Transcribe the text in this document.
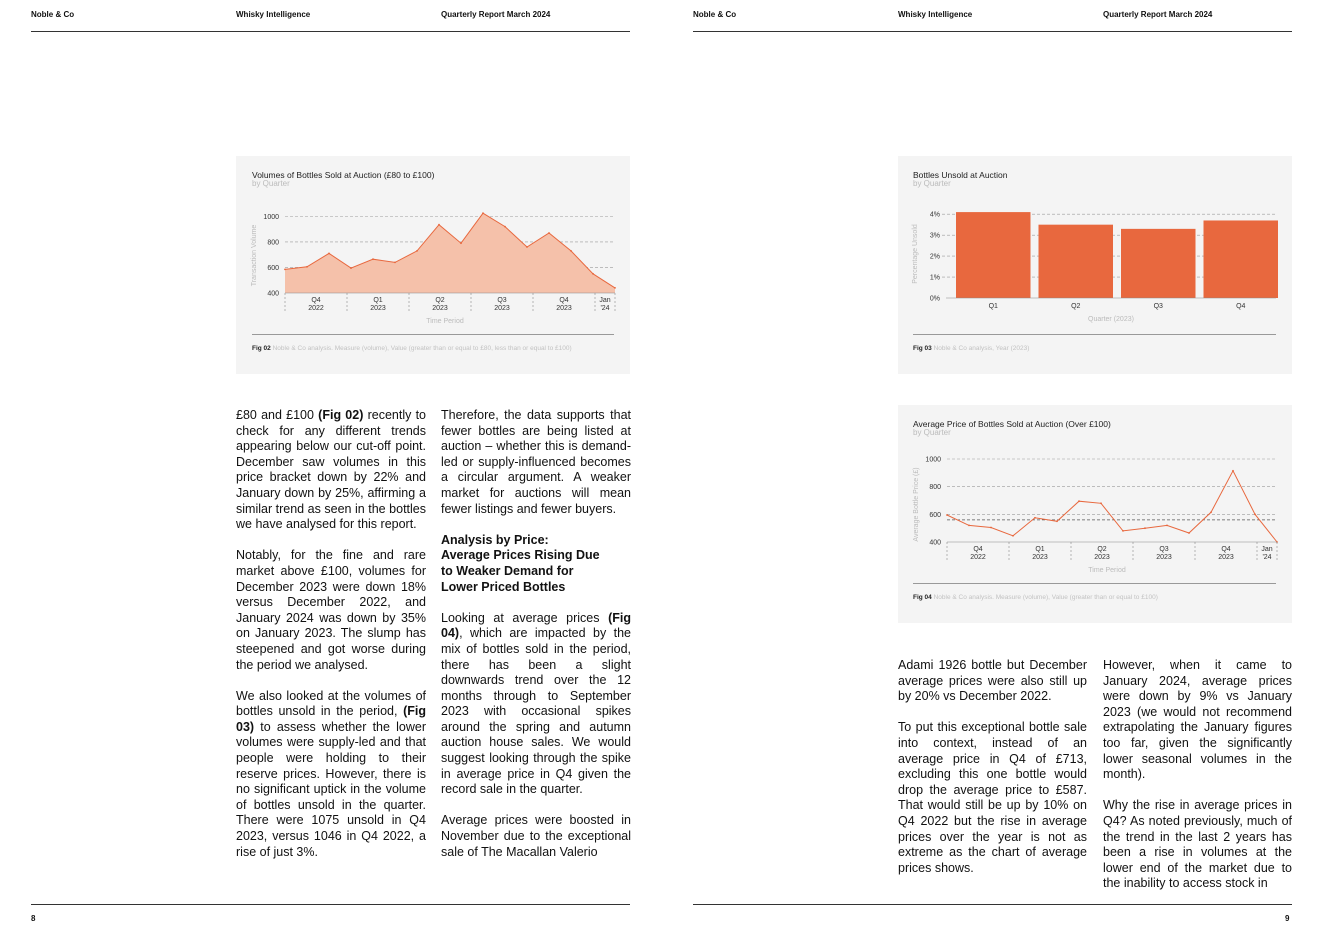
Noble & Co	Whisky Intelligence	Quarterly Report March 2024	Noble & Co	Whisky Intelligence	Quarterly Report March 2024
Volumes of Bottles Sold at Auction (£80 to £100)
by Quarter
400
600
800
1000
Q4
2022
Q1
2023
Q2
2023
Q3
2023
Q4
2023
Jan
'24
Time Period
Transaction Volume
Fig 02 Noble & Co analysis. Measure (volume), Value (greater than or equal to £80, less than or equal to £100)
Bottles Unsold at Auction
by Quarter
0%
1%
2%
3%
4%
Q1	Q2	Q3	Q4
Quarter (2023)
Percentage Unsold
Fig 03 Noble & Co analysis, Year (2023)
Average Price of Bottles Sold at Auction (Over £100)
by Quarter
400
600
800
1000
Q4
2022
Q1
2023
Q2
2023
Q3
2023
Q4
2023
Jan
'24
Time Period
Average Bottle Price (£)
Fig 04 Noble & Co analysis. Measure (volume), Value (greater than or equal to £100)

£80 and £100 (Fig 02) recently to check for any different trends appearing below our cut-off point. December saw volumes in this price bracket down by 22% and January down by 25%, affirming a similar trend as seen in the bottles we have analysed for this report.

Notably, for the fine and rare market above £100, volumes for December 2023 were down 18% versus December 2022, and January 2024 was down by 35% on January 2023. The slump has steepened and got worse during the period we analysed.

We also looked at the volumes of bottles unsold in the period, (Fig 03) to assess whether the lower volumes were supply-led and that people were holding to their reserve prices. However, there is no significant uptick in the volume of bottles unsold in the quarter. There were 1075 unsold in Q4 2023, versus 1046 in Q4 2022, a rise of just 3%.

Therefore, the data supports that fewer bottles are being listed at auction – whether this is demand-led or supply-influenced becomes a circular argument. A weaker market for auctions will mean fewer listings and fewer buyers.

Analysis by Price:
Average Prices Rising Due
to Weaker Demand for
Lower Priced Bottles

Looking at average prices (Fig 04), which are impacted by the mix of bottles sold in the period, there has been a slight downwards trend over the 12 months through to September 2023 with occasional spikes around the spring and autumn auction house sales. We would suggest looking through the spike in average price in Q4 given the record sale in the quarter.

Average prices were boosted in November due to the exceptional sale of The Macallan Valerio

Adami 1926 bottle but December average prices were also still up by 20% vs December 2022.

To put this exceptional bottle sale into context, instead of an average price in Q4 of £713, excluding this one bottle would drop the average price to £587. That would still be up by 10% on Q4 2022 but the rise in average prices over the year is not as extreme as the chart of average prices shows.

However, when it came to January 2024, average prices were down by 9% vs January 2023 (we would not recommend extrapolating the January figures too far, given the significantly lower seasonal volumes in the month).

Why the rise in average prices in Q4? As noted previously, much of the trend in the last 2 years has been a rise in volumes at the lower end of the market due to the inability to access stock in

8	9
